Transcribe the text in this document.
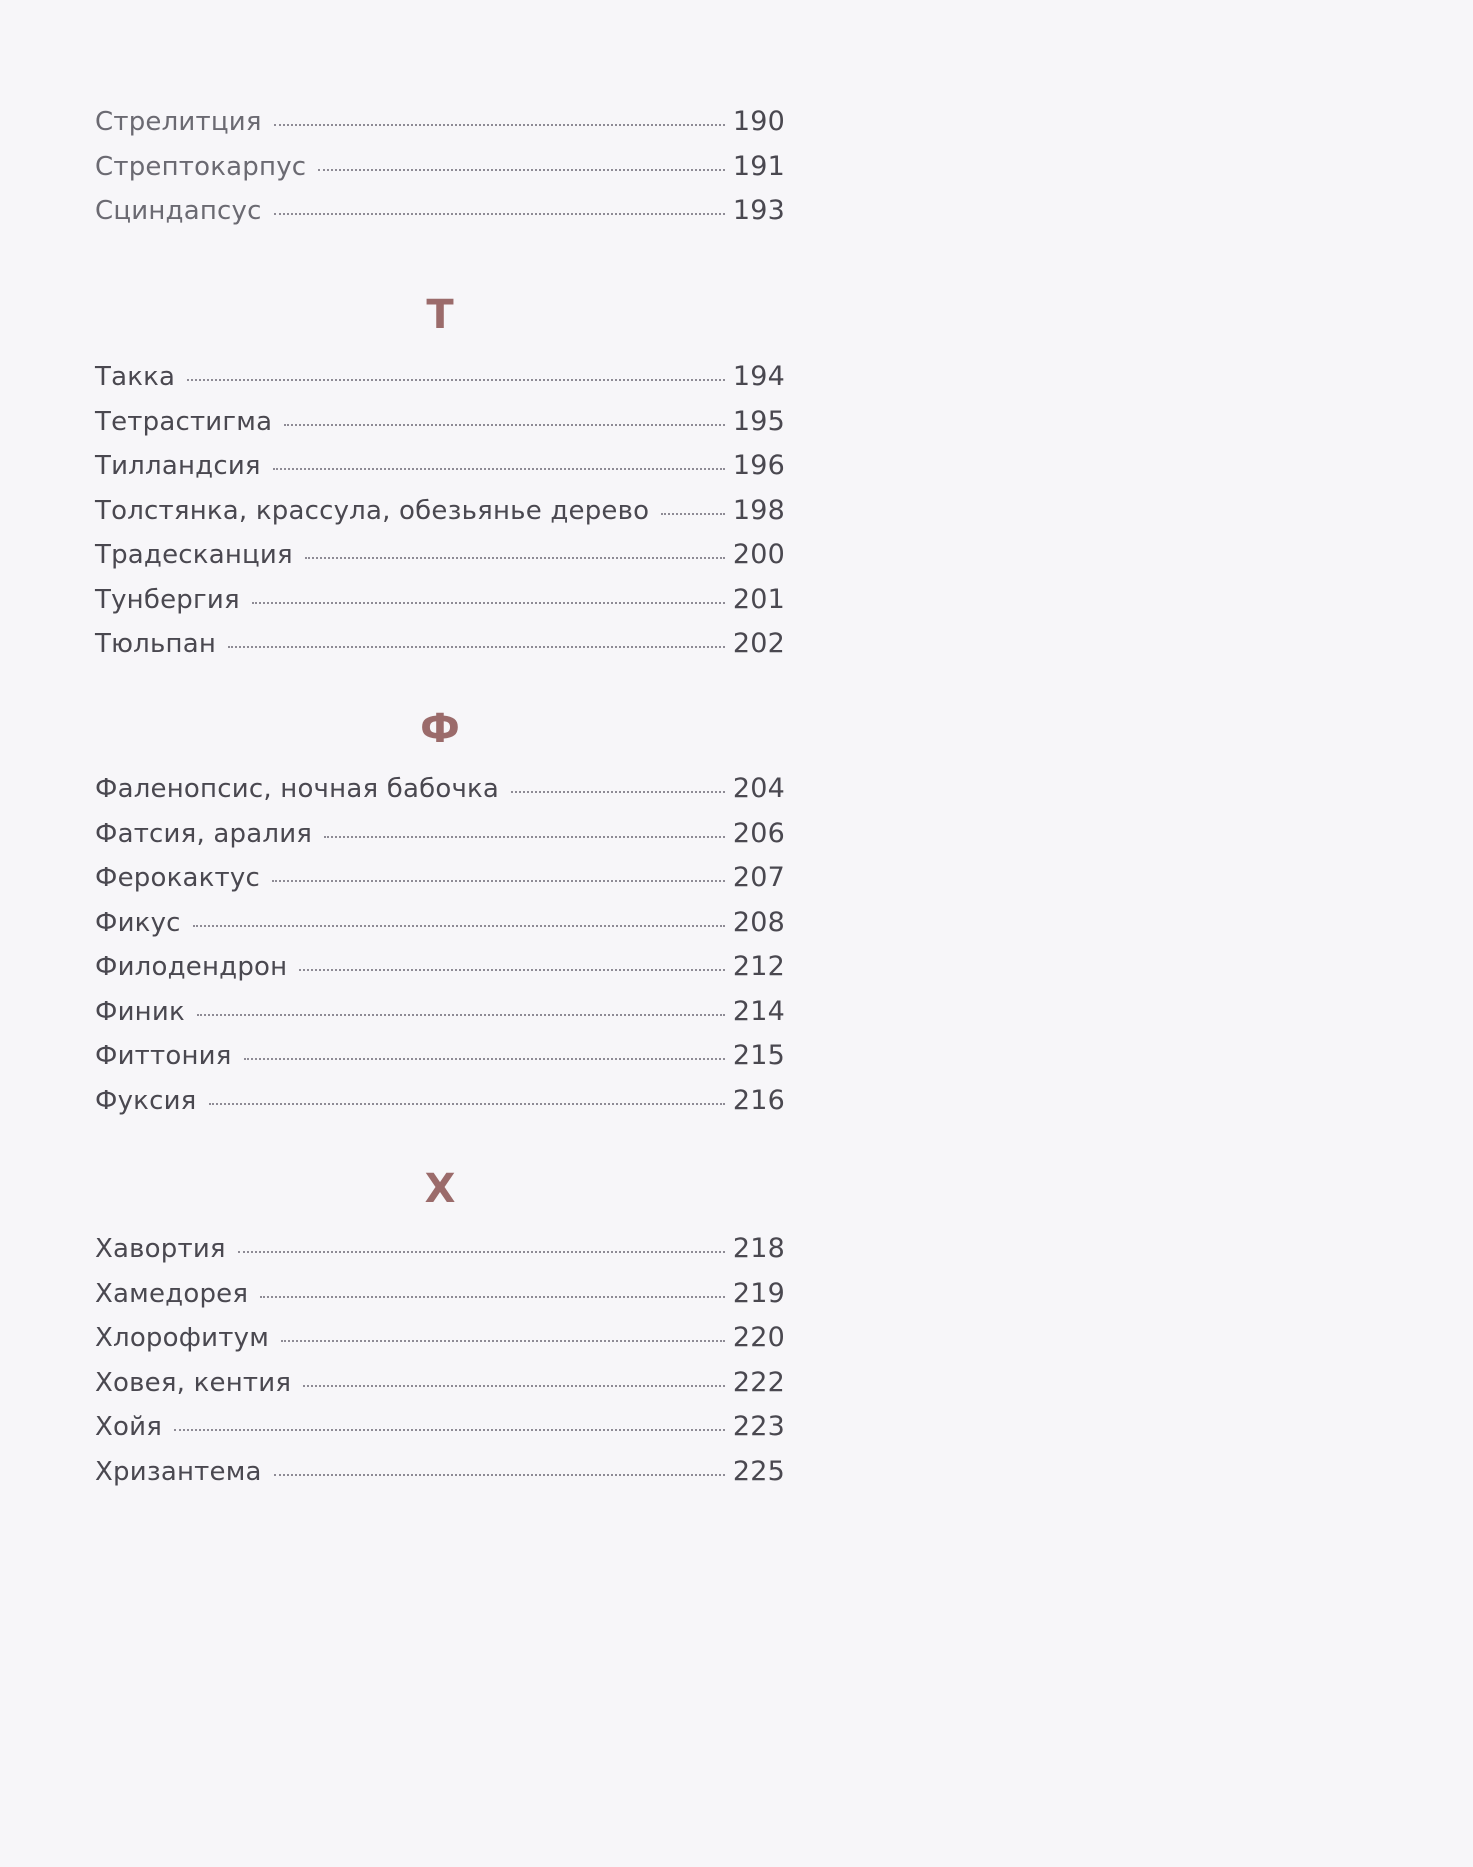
Стрелитция	190
Стрептокарпус	191
Сциндапсус	193
Т
Такка	194
Тетрастигма	195
Тилландсия	196
Толстянка, крассула, обезьянье дерево	198
Традесканция	200
Тунбергия	201
Тюльпан	202
Ф
Фаленопсис, ночная бабочка	204
Фатсия, аралия	206
Ферокактус	207
Фикус	208
Филодендрон	212
Финик	214
Фиттония	215
Фуксия	216
Х
Хавортия	218
Хамедорея	219
Хлорофитум	220
Ховея, кентия	222
Хойя	223
Хризантема	225
